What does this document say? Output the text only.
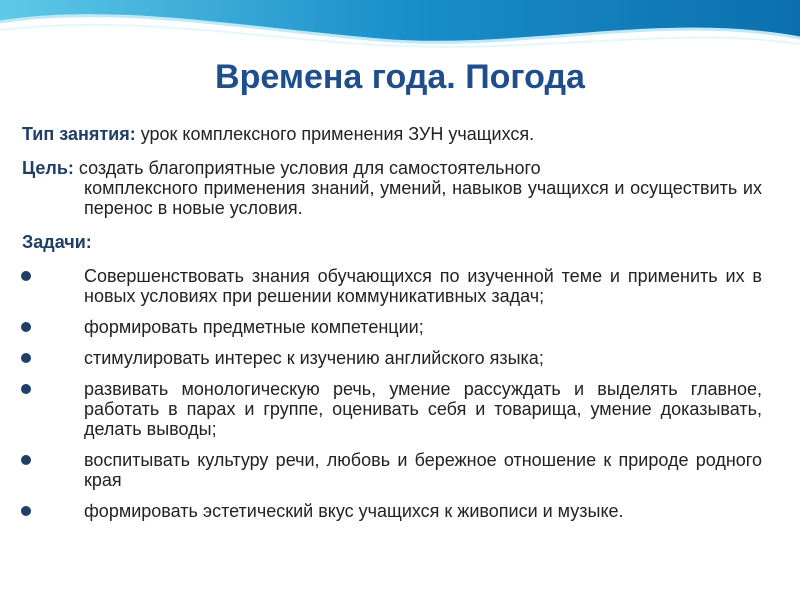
Времена года. Погода
Тип занятия: урок комплексного применения ЗУН учащихся.
Цель: создать благоприятные условия для самостоятельного
комплексного применения знаний, умений, навыков учащихся и осуществить их перенос в новые условия.
Задачи:
Совершенствовать знания обучающихся по изученной теме и применить их в новых условиях при решении коммуникативных задач;
формировать предметные компетенции;
стимулировать интерес к изучению английского языка;
развивать монологическую речь, умение рассуждать и выделять главное, работать в парах и группе, оценивать себя и товарища, умение доказывать, делать выводы;
воспитывать культуру речи, любовь и бережное отношение к природе родного края
формировать эстетический вкус учащихся к живописи и музыке.
